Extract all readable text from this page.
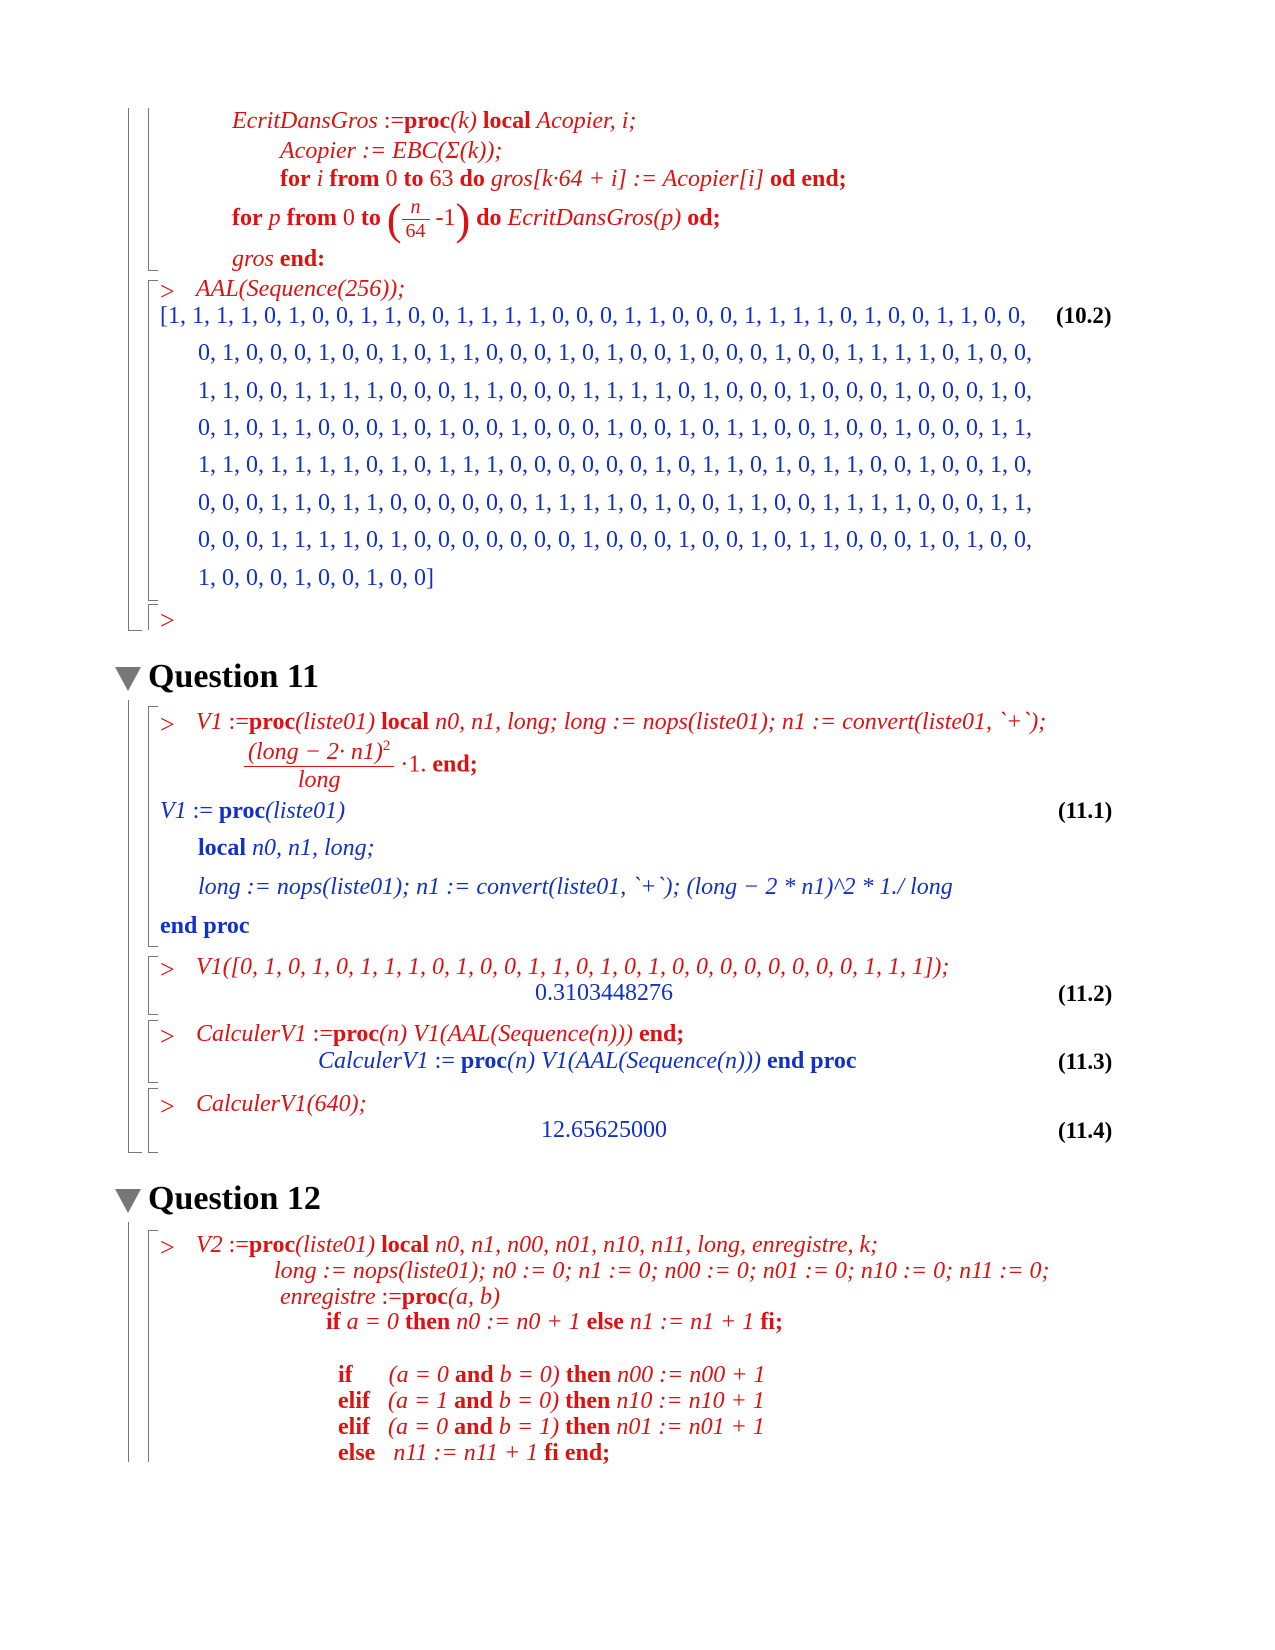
EcritDansGros :=proc(k) local Acopier, i;
Acopier := EBC(Σ(k));
for i from 0 to 63 do gros[k·64 + i] := Acopier[i] od end;
for p from 0 to ( $\frac{n}{64} -1$) do EcritDansGros(p) od;
gros end:
> AAL(Sequence(256));
[1, 1, 1, 1, 0, 1, 0, 0, 1, 1, 0, 0, 1, 1, 1, 1, 0, 0, 0, 1, 1, 0, 0, 0, 1, 1, 1, 1, 0, 1, 0, 0, 1, 1, 0, 0,
0, 1, 0, 0, 0, 1, 0, 0, 1, 0, 1, 1, 0, 0, 0, 1, 0, 1, 0, 0, 1, 0, 0, 0, 1, 0, 0, 1, 1, 1, 1, 0, 1, 0, 0,
1, 1, 0, 0, 1, 1, 1, 1, 0, 0, 0, 1, 1, 0, 0, 0, 1, 1, 1, 1, 0, 1, 0, 0, 0, 1, 0, 0, 0, 1, 0, 0, 0, 1, 0,
0, 1, 0, 1, 1, 0, 0, 0, 1, 0, 1, 0, 0, 1, 0, 0, 0, 1, 0, 0, 1, 0, 1, 1, 0, 0, 1, 0, 0, 1, 0, 0, 0, 1, 1,
1, 1, 0, 1, 1, 1, 1, 0, 1, 0, 1, 1, 1, 0, 0, 0, 0, 0, 0, 1, 0, 1, 1, 0, 1, 0, 1, 1, 0, 0, 1, 0, 0, 1, 0,
0, 0, 0, 1, 1, 0, 1, 1, 0, 0, 0, 0, 0, 0, 1, 1, 1, 1, 0, 1, 0, 0, 1, 1, 0, 0, 1, 1, 1, 1, 0, 0, 0, 1, 1,
0, 0, 0, 1, 1, 1, 1, 0, 1, 0, 0, 0, 0, 0, 0, 0, 1, 0, 0, 0, 1, 0, 0, 1, 0, 1, 1, 0, 0, 0, 1, 0, 1, 0, 0,
1, 0, 0, 0, 1, 0, 0, 1, 0, 0]
(10.2)
>
Question 11
> V1 :=proc(liste01) local n0, n1, long; long := nops(liste01); n1 := convert(liste01, `+`);
$\frac{(long - 2\cdot n1)^2}{\text{long}} \cdot 1$. end;
V1 := proc(liste01)	(11.1)
local n0, n1, long;
long := nops(liste01); n1 := convert(liste01, `+`); (long − 2 * n1)^2 * 1./ long
end proc
> V1([0, 1, 0, 1, 0, 1, 1, 1, 0, 1, 0, 0, 1, 1, 0, 1, 0, 1, 0, 0, 0, 0, 0, 0, 0, 0, 1, 1, 1]);
0.3103448276	(11.2)
> CalculerV1 :=proc(n) V1(AAL(Sequence(n))) end;
CalculerV1 := proc(n) V1(AAL(Sequence(n))) end proc	(11.3)
> CalculerV1(640);
12.65625000	(11.4)
Question 12
> V2 :=proc(liste01) local n0, n1, n00, n01, n10, n11, long, enregistre, k;
long := nops(liste01); n0 := 0; n1 := 0; n00 := 0; n01 := 0; n10 := 0; n11 := 0;
enregistre :=proc(a, b)
if a = 0 then n0 := n0 + 1 else n1 := n1 + 1 fi;

if      (a = 0 and b = 0) then n00 := n00 + 1

elif   (a = 1 and b = 0) then n10 := n10 + 1

elif   (a = 0 and b = 1) then n01 := n01 + 1

else   n11 := n11 + 1 fi end;
